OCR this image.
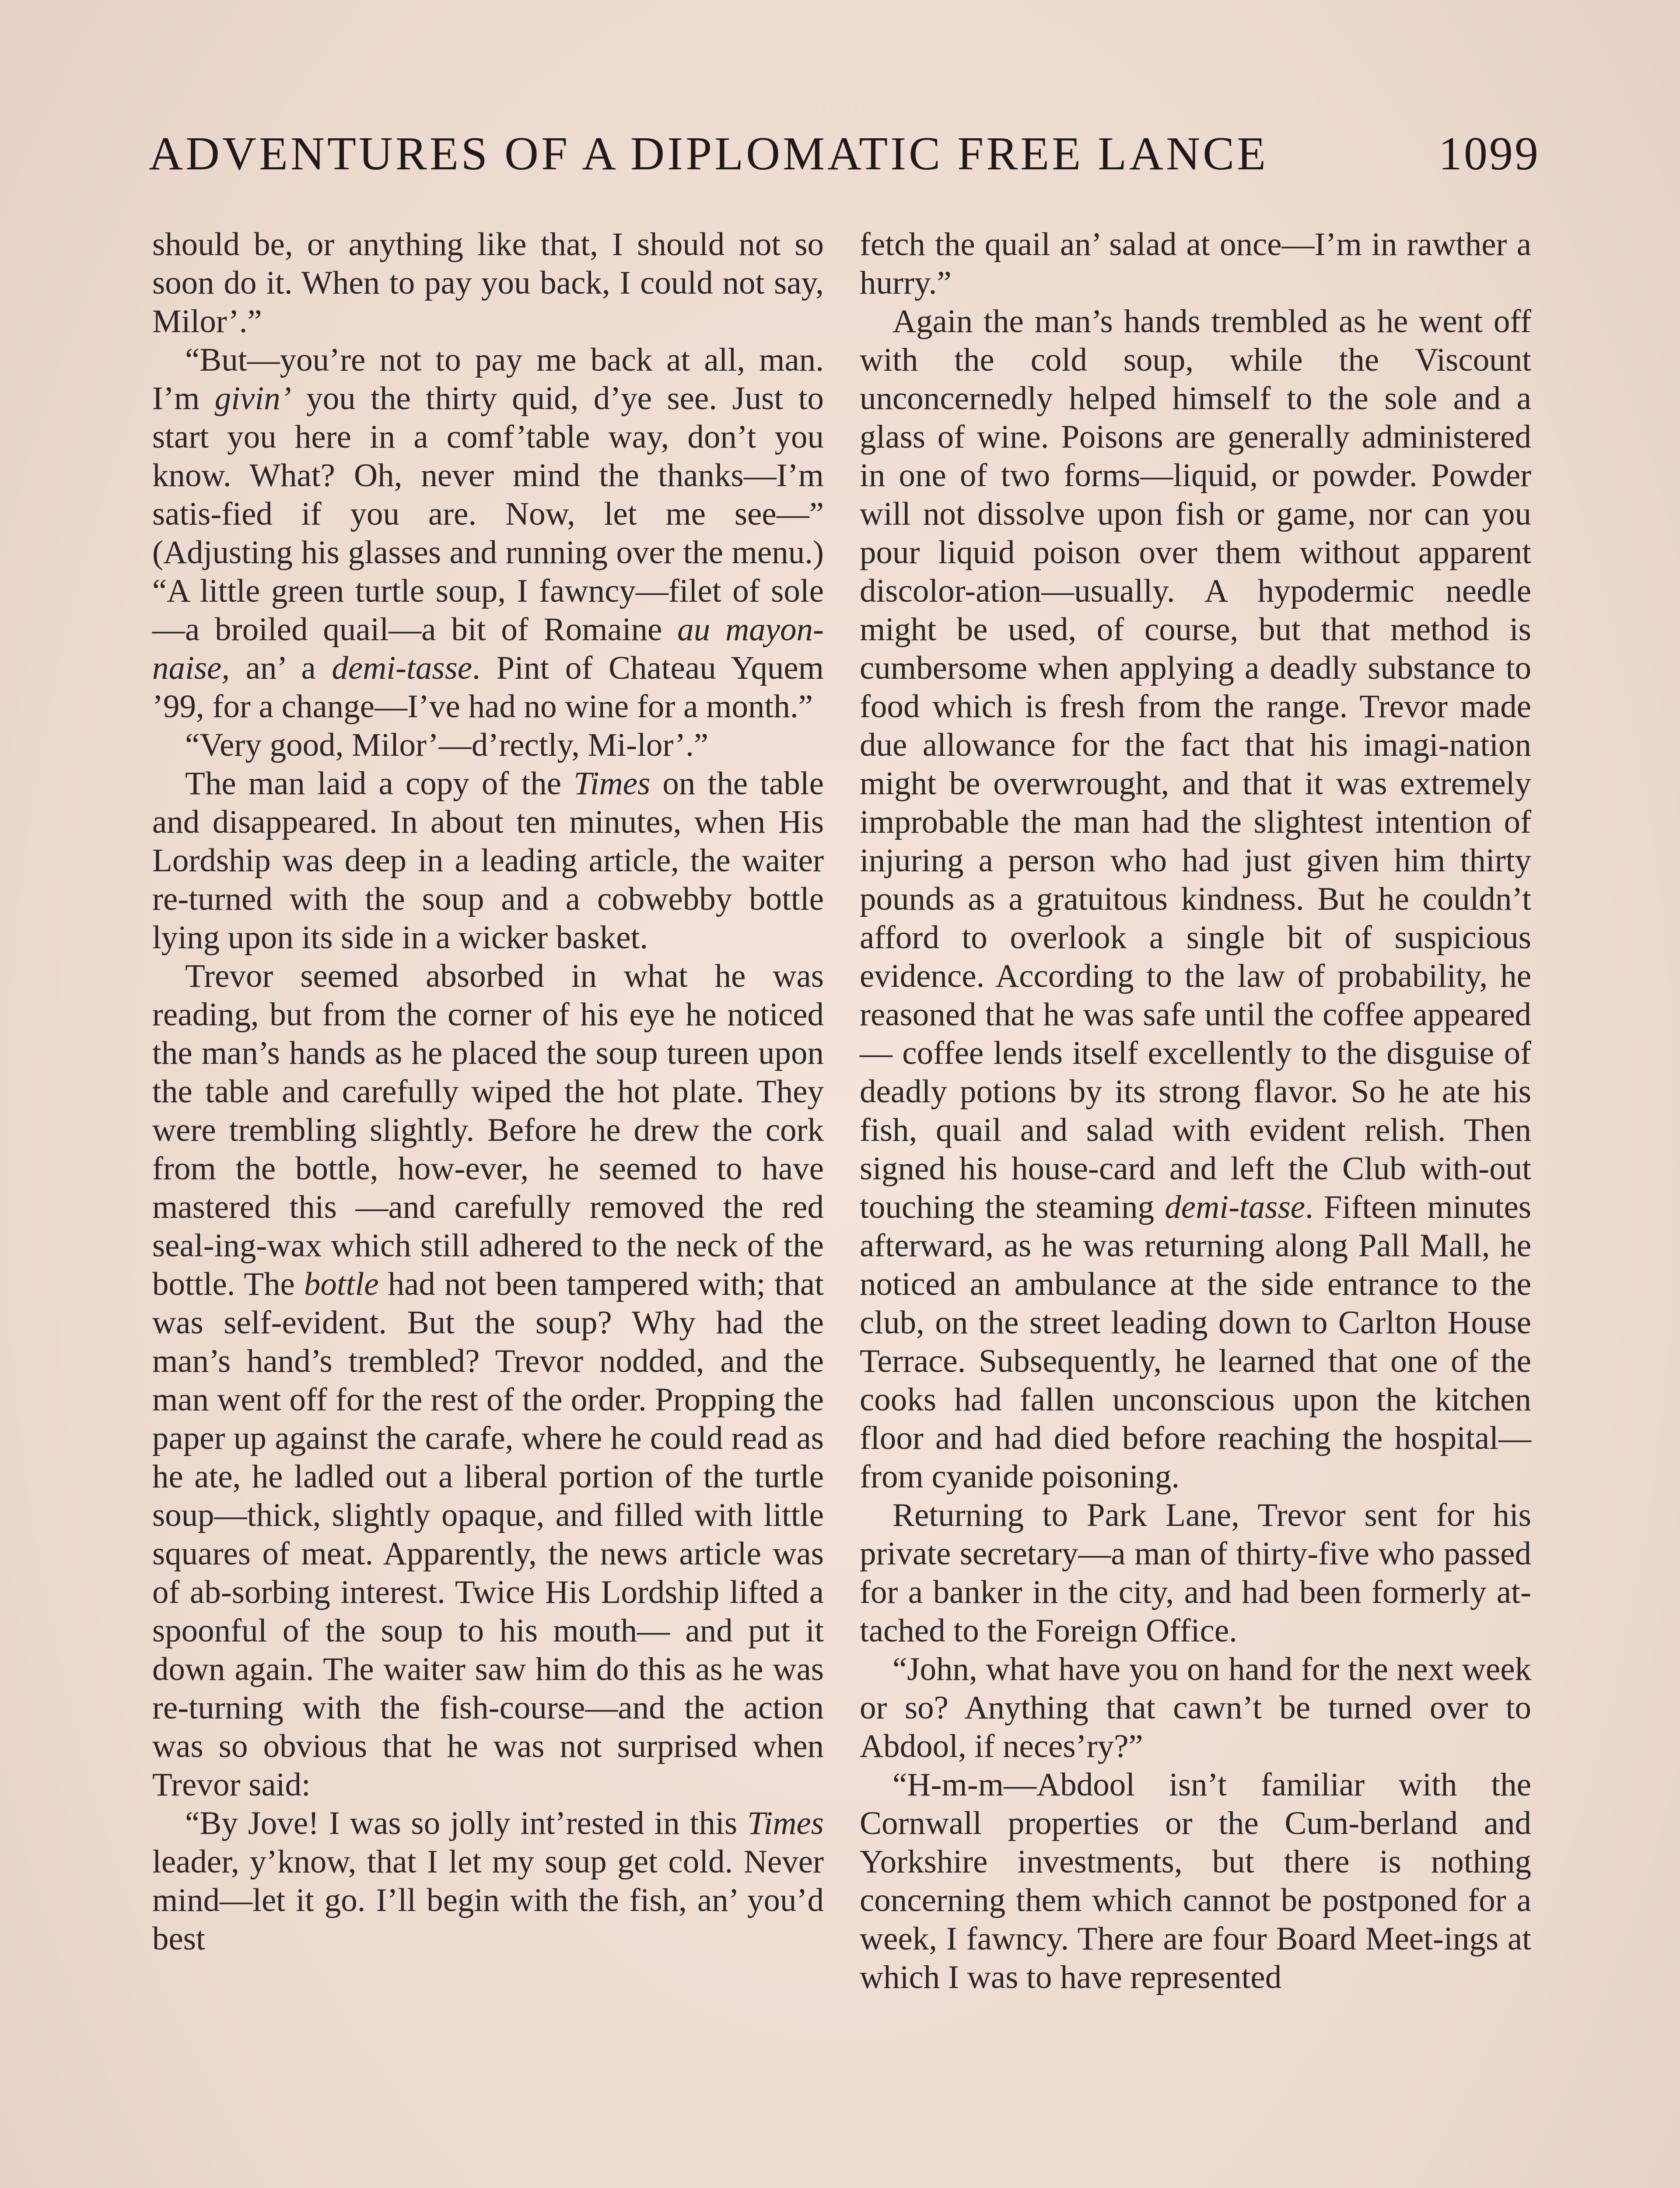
ADVENTURES OF A DIPLOMATIC FREE LANCE	1099

should be, or anything like that, I should not so soon do it. When to pay you back, I could not say, Milor’.”

“But—you’re not to pay me back at all, man. I’m givin’ you the thirty quid, d’ye see. Just to start you here in a comf’table way, don’t you know. What? Oh, never mind the thanks—I’m satis-fied if you are. Now, let me see—” (Adjusting his glasses and running over the menu.) “A little green turtle soup, I fawncy—filet of sole—a broiled quail—a bit of Romaine au mayon-naise, an’ a demi-tasse. Pint of Chateau Yquem ’99, for a change—I’ve had no wine for a month.”

“Very good, Milor’—d’rectly, Mi-lor’.”

The man laid a copy of the Times on the table and disappeared. In about ten minutes, when His Lordship was deep in a leading article, the waiter re-turned with the soup and a cobwebby bottle lying upon its side in a wicker basket.

Trevor seemed absorbed in what he was reading, but from the corner of his eye he noticed the man’s hands as he placed the soup tureen upon the table and carefully wiped the hot plate. They were trembling slightly. Before he drew the cork from the bottle, how-ever, he seemed to have mastered this —and carefully removed the red seal-ing-wax which still adhered to the neck of the bottle. The bottle had not been tampered with; that was self-evident. But the soup? Why had the man’s hand’s trembled? Trevor nodded, and the man went off for the rest of the order. Propping the paper up against the carafe, where he could read as he ate, he ladled out a liberal portion of the turtle soup—thick, slightly opaque, and filled with little squares of meat. Apparently, the news article was of ab-sorbing interest. Twice His Lordship lifted a spoonful of the soup to his mouth— and put it down again. The waiter saw him do this as he was re-turning with the fish-course—and the action was so obvious that he was not surprised when Trevor said:

“By Jove! I was so jolly int’rested in this Times leader, y’know, that I let my soup get cold. Never mind—let it go. I’ll begin with the fish, an’ you’d best

fetch the quail an’ salad at once—I’m in rawther a hurry.”

Again the man’s hands trembled as he went off with the cold soup, while the Viscount unconcernedly helped himself to the sole and a glass of wine. Poisons are generally administered in one of two forms—liquid, or powder. Powder will not dissolve upon fish or game, nor can you pour liquid poison over them without apparent discolor-ation—usually. A hypodermic needle might be used, of course, but that method is cumbersome when applying a deadly substance to food which is fresh from the range. Trevor made due allowance for the fact that his imagi-nation might be overwrought, and that it was extremely improbable the man had the slightest intention of injuring a person who had just given him thirty pounds as a gratuitous kindness. But he couldn’t afford to overlook a single bit of suspicious evidence. According to the law of probability, he reasoned that he was safe until the coffee appeared— coffee lends itself excellently to the disguise of deadly potions by its strong flavor. So he ate his fish, quail and salad with evident relish. Then signed his house-card and left the Club with-out touching the steaming demi-tasse. Fifteen minutes afterward, as he was returning along Pall Mall, he noticed an ambulance at the side entrance to the club, on the street leading down to Carlton House Terrace. Subsequently, he learned that one of the cooks had fallen unconscious upon the kitchen floor and had died before reaching the hospital—from cyanide poisoning.

Returning to Park Lane, Trevor sent for his private secretary—a man of thirty-five who passed for a banker in the city, and had been formerly at-tached to the Foreign Office.

“John, what have you on hand for the next week or so? Anything that cawn’t be turned over to Abdool, if neces’ry?”

“H-m-m—Abdool isn’t familiar with the Cornwall properties or the Cum-berland and Yorkshire investments, but there is nothing concerning them which cannot be postponed for a week, I fawncy. There are four Board Meet-ings at which I was to have represented
